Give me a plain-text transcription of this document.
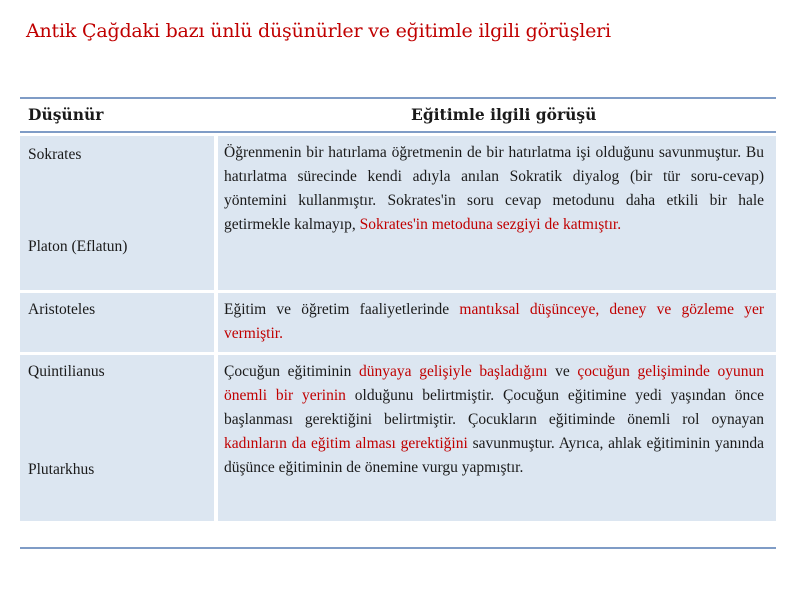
Antik Çağdaki bazı ünlü düşünürler ve eğitimle ilgili görüşleri
Düşünür	Eğitimle ilgili görüşü
Sokrates
Platon (Eflatun)
Öğrenmenin bir hatırlama öğretmenin de bir hatırlatma işi olduğunu savunmuştur. Bu hatırlatma sürecinde kendi adıyla anılan Sokratik diyalog (bir tür soru-cevap) yöntemini kullanmıştır. Sokrates'in soru cevap metodunu daha etkili bir hale getirmekle kalmayıp, Sokrates'in metoduna sezgiyi de katmıştır.
Aristoteles	Eğitim ve öğretim faaliyetlerinde mantıksal düşünceye, deney ve gözleme yer vermiştir.
Quintilianus
Plutarkhus
Çocuğun eğitiminin dünyaya gelişiyle başladığını ve çocuğun gelişiminde oyunun önemli bir yerinin olduğunu belirtmiştir. Çocuğun eğitimine yedi yaşından önce başlanması gerektiğini belirtmiştir. Çocukların eğitiminde önemli rol oynayan kadınların da eğitim alması gerektiğini savunmuştur. Ayrıca, ahlak eğitiminin yanında düşünce eğitiminin de önemine vurgu yapmıştır.
